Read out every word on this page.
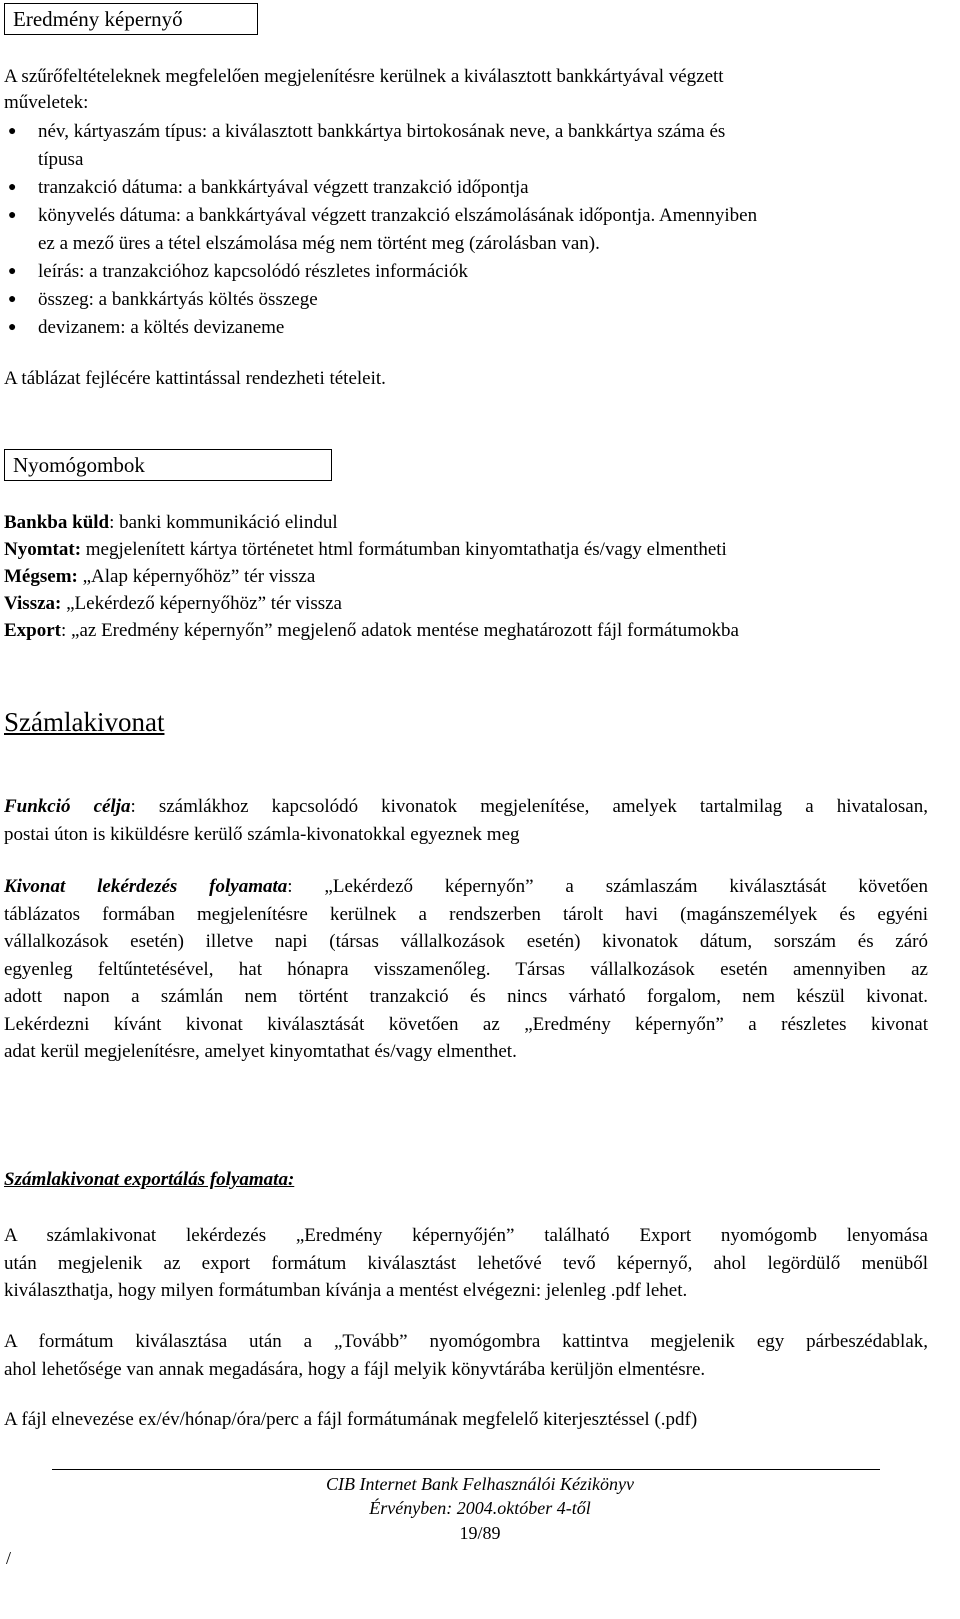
Eredmény képernyő
A szűrőfeltételeknek megfelelően megjelenítésre kerülnek a kiválasztott bankkártyával végzett
műveletek:
● név, kártyaszám típus: a kiválasztott bankkártya birtokosának neve, a bankkártya száma és
típusa
● tranzakció dátuma: a bankkártyával végzett tranzakció időpontja
● könyvelés dátuma: a bankkártyával végzett tranzakció elszámolásának időpontja. Amennyiben
ez a mező üres a tétel elszámolása még nem történt meg (zárolásban van).
● leírás: a tranzakcióhoz kapcsolódó részletes információk
● összeg: a bankkártyás költés összege
● devizanem: a költés devizaneme
A táblázat fejlécére kattintással rendezheti tételeit.
Nyomógombok
Bankba küld: banki kommunikáció elindul
Nyomtat: megjelenített kártya történetet html formátumban kinyomtathatja és/vagy elmentheti
Mégsem: „Alap képernyőhöz” tér vissza
Vissza: „Lekérdező képernyőhöz” tér vissza
Export: „az Eredmény képernyőn” megjelenő adatok mentése meghatározott fájl formátumokba
Számlakivonat
Funkció célja: számlákhoz kapcsolódó kivonatok megjelenítése, amelyek tartalmilag a hivatalosan,
postai úton is kiküldésre kerülő számla-kivonatokkal egyeznek meg
Kivonat lekérdezés folyamata: „Lekérdező képernyőn” a számlaszám kiválasztását követően
táblázatos formában megjelenítésre kerülnek a rendszerben tárolt havi (magánszemélyek és egyéni
vállalkozások esetén) illetve napi (társas vállalkozások esetén) kivonatok dátum, sorszám és záró
egyenleg feltűntetésével, hat hónapra visszamenőleg. Társas vállalkozások esetén amennyiben az
adott napon a számlán nem történt tranzakció és nincs várható forgalom, nem készül kivonat.
Lekérdezni kívánt kivonat kiválasztását követően az „Eredmény képernyőn” a részletes kivonat
adat kerül megjelenítésre, amelyet kinyomtathat és/vagy elmenthet.
Számlakivonat exportálás folyamata:
A számlakivonat lekérdezés „Eredmény képernyőjén” található Export nyomógomb lenyomása
után megjelenik az export formátum kiválasztást lehetővé tevő képernyő, ahol legördülő menüből
kiválaszthatja, hogy milyen formátumban kívánja a mentést elvégezni: jelenleg .pdf lehet.
A formátum kiválasztása után a „Tovább” nyomógombra kattintva megjelenik egy párbeszédablak,
ahol lehetősége van annak megadására, hogy a fájl melyik könyvtárába kerüljön elmentésre.
A fájl elnevezése ex/év/hónap/óra/perc a fájl formátumának megfelelő kiterjesztéssel (.pdf)
CIB Internet Bank Felhasználói Kézikönyv
Érvényben: 2004.október 4-től
19/89
/
